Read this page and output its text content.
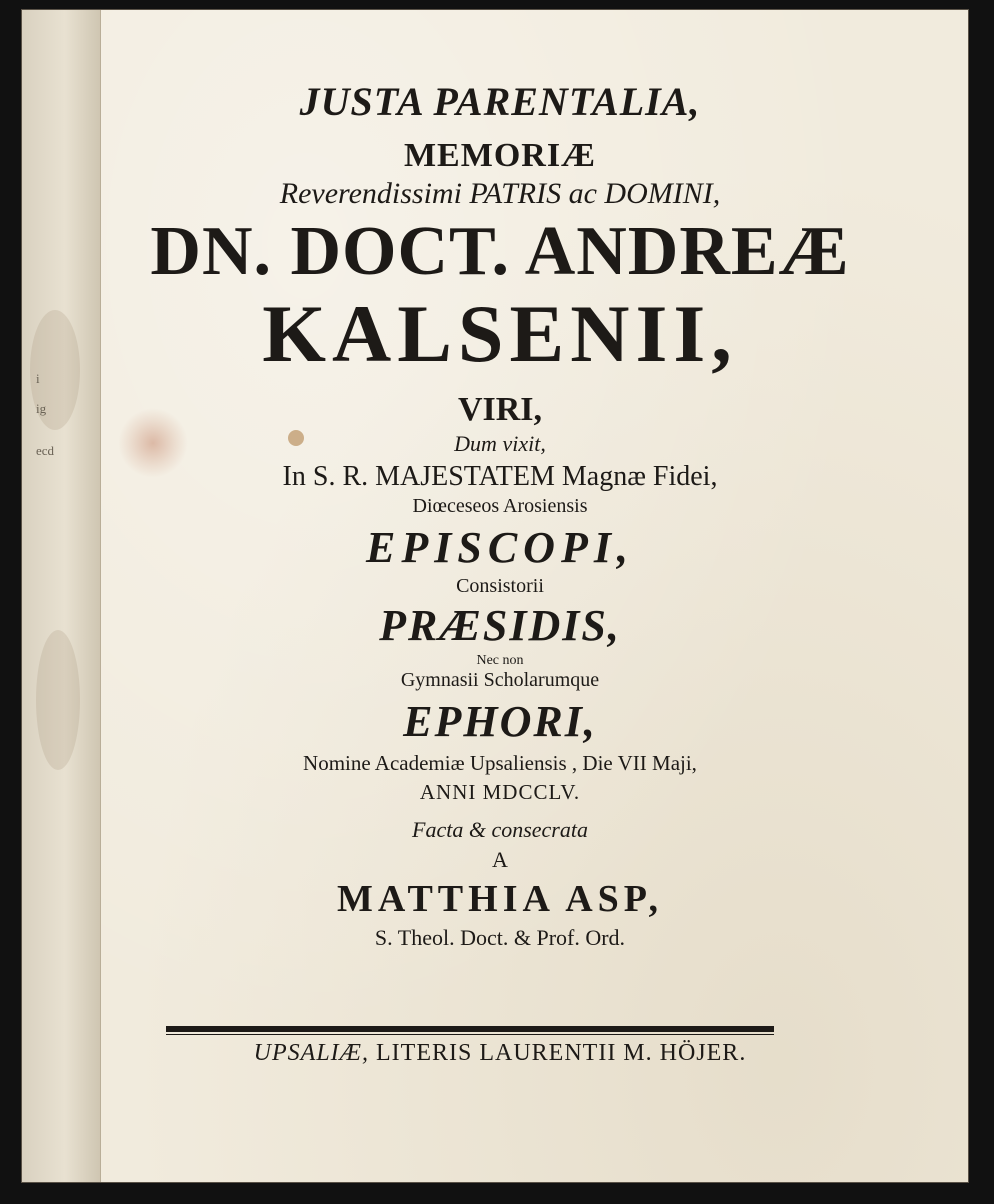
i
ig
ecd
JUSTA PARENTALIA,
MEMORIÆ
Reverendissimi PATRIS ac DOMINI,
DN. DOCT. ANDREÆ
KALSENII,
VIRI,
Dum vixit,
In S. R. MAJESTATEM Magnæ Fidei,
Diœceseos Arosiensis
EPISCOPI,
Consistorii
PRÆSIDIS,
Nec non
Gymnasii Scholarumque
EPHORI,
Nomine Academiæ Upsaliensis , Die VII Maji,
ANNI MDCCLV.
Facta & consecrata
A
MATTHIA ASP,
S. Theol. Doct. & Prof. Ord.
UPSALIÆ, LITERIS LAURENTII M. HÖJER.
